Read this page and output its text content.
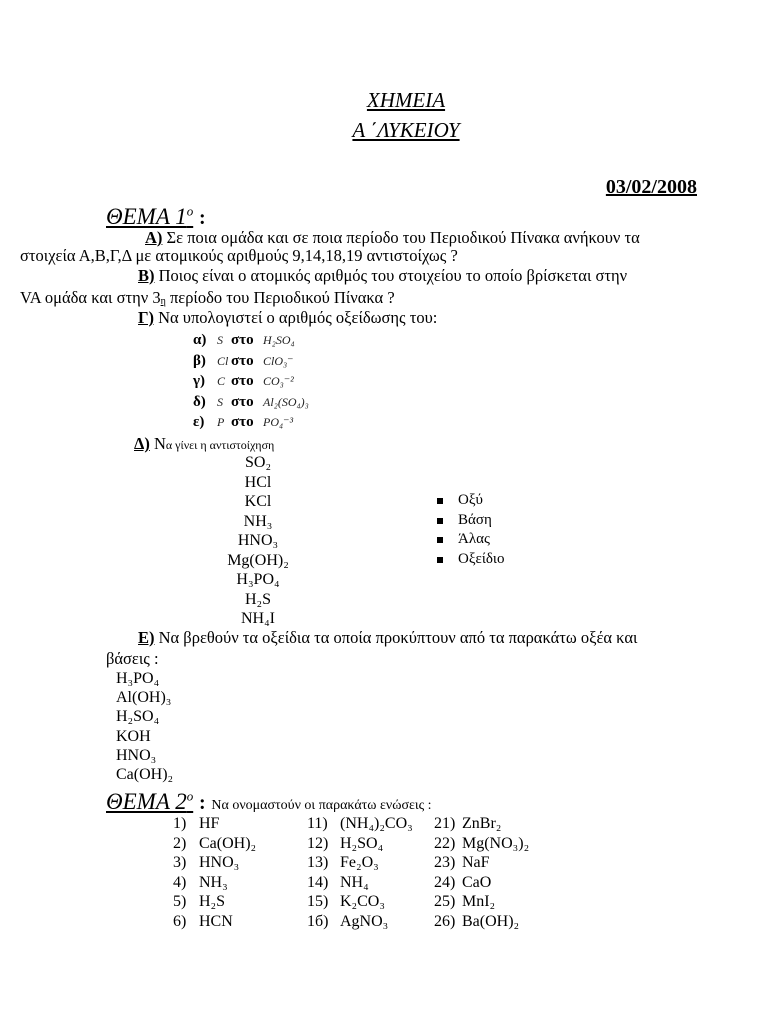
ΧΗΜΕΙΑ
Α ΄ΛΥΚΕΙΟΥ
03/02/2008
ΘΕΜΑ $1^o$ :
Α) Σε ποια ομάδα και σε ποια περίοδο του Περιοδικού Πίνακα ανήκουν τα
στοιχεία Α,Β,Γ,Δ με ατομικούς αριθμούς 9,14,18,19 αντιστοίχως ?
Β) Ποιος είναι ο ατομικός αριθμός του στοιχείου το οποίο βρίσκεται στην
VA ομάδα και στην 3η περίοδο του Περιοδικού Πίνακα ?
Γ) Να υπολογιστεί ο αριθμός οξείδωσης του:
α) S στο H₂SO₄
β) Cl στο ClO₃⁻
γ) C στο CO₃⁻²
δ) S στο Al₂(SO₄)₃
ε)	P στο PO₄⁻³
Δ) Να γίνει η αντιστοίχηση
SO₂
HCl
KCl
NH₃
HNO₃
Mg(OH)₂
H₃PO₄
H₂S
NH₄I
Οξύ
Βάση
Άλας
Οξείδιο
Ε) Να βρεθούν τα οξείδια τα οποία προκύπτουν από τα παρακάτω οξέα και
βάσεις :
H₃PO₄
Al(OH)₃
H₂SO₄
KOH
HNO₃
Ca(OH)₂
ΘΕΜΑ $2^o$ : Να ονομαστούν οι παρακάτω ενώσεις :
1) HF
2) Ca(OH)₂
3) HNO₃
4) NH₃
5) H₂S
6) HCN
11) (NH₄)₂CO₃
12) H₂SO₄
13) Fe₂O₃
14) NH₄
15) K₂CO₃
1б) AgNO₃
21) ZnBr₂
22) Mg(NO₃)₂
23) NaF
24) CaO
25) MnI₂
26) Ba(OH)₂
